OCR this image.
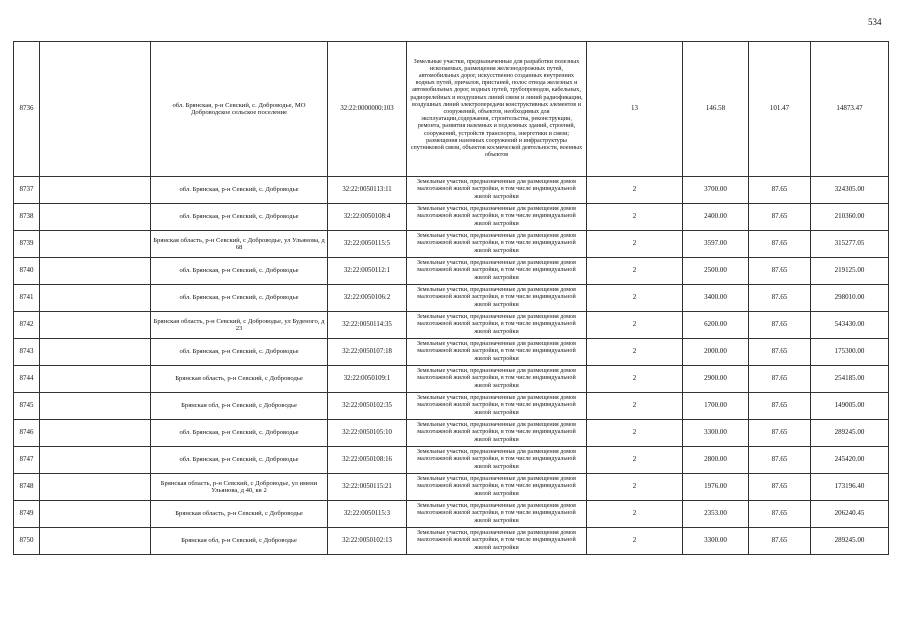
534
8736		обл. Брянская, р-н Севский, с. Доброводье, МО Доброводское сельское поселение	32:22:0000000:103	Земельные участки, предназначенные для разработки полезных ископаемых, размещения железнодорожных путей, автомобильных дорог, искусственно созданных внутренних водных путей, причалов, пристаней, полос отвода железных и автомобильных дорог, водных путей, трубопроводов, кабельных, радиорелейных и воздушных линий связи и линий радиофикации, воздушных линий электропередачи конструктивных элементов и сооружений, объектов, необходимых для эксплуатации,содержания, строительства, реконструкции, ремонта, развития наземных и подземных зданий, строений, сооружений, устройств транспорта, энергетики и связи; размещения наземных сооружений и инфраструктуры спутниковой связи, объектов космической деятельности, военных объектов	13	146.58	101.47	14873.47
8737		обл. Брянская, р-н Севский, с. Доброводье	32:22:0050113:11	Земельные участки, предназначенные для размещения домов малоэтажной жилой застройки, в том числе индивидуальной жилой застройки	2	3700.00	87.65	324305.00
8738		обл. Брянская, р-н Севский, с. Доброводье	32:22:0050108:4	Земельные участки, предназначенные для размещения домов малоэтажной жилой застройки, в том числе индивидуальной жилой застройки	2	2400.00	87.65	210360.00
8739		Брянская область, р-н Севский, с Доброводье, ул Ульянова, д 68	32:22:0050115:5	Земельные участки, предназначенные для размещения домов малоэтажной жилой застройки, в том числе индивидуальной жилой застройки	2	3597.00	87.65	315277.05
8740		обл. Брянская, р-н Севский, с. Доброводье	32:22:0050112:1	Земельные участки, предназначенные для размещения домов малоэтажной жилой застройки, в том числе индивидуальной жилой застройки	2	2500.00	87.65	219125.00
8741		обл. Брянская, р-н Севский, с. Доброводье	32:22:0050106:2	Земельные участки, предназначенные для размещения домов малоэтажной жилой застройки, в том числе индивидуальной жилой застройки	2	3400.00	87.65	298010.00
8742		Брянская область, р-н Севский, с Доброводье, ул Буденого, д 23	32:22:0050114:35	Земельные участки, предназначенные для размещения домов малоэтажной жилой застройки, в том числе индивидуальной жилой застройки	2	6200.00	87.65	543430.00
8743		обл. Брянская, р-н Севский, с. Доброводье	32:22:0050107:18	Земельные участки, предназначенные для размещения домов малоэтажной жилой застройки, в том числе индивидуальной жилой застройки	2	2000.00	87.65	175300.00
8744		Брянская область, р-н Севский, с Доброводье	32:22:0050109:1	Земельные участки, предназначенные для размещения домов малоэтажной жилой застройки, в том числе индивидуальной жилой застройки	2	2900.00	87.65	254185.00
8745		Брянская обл, р-н Севский, с Доброводье	32:22:0050102:35	Земельные участки, предназначенные для размещения домов малоэтажной жилой застройки, в том числе индивидуальной жилой застройки	2	1700.00	87.65	149005.00
8746		обл. Брянская, р-н Севский, с. Доброводье	32:22:0050105:10	Земельные участки, предназначенные для размещения домов малоэтажной жилой застройки, в том числе индивидуальной жилой застройки	2	3300.00	87.65	289245.00
8747		обл. Брянская, р-н Севский, с. Доброводье	32:22:0050108:16	Земельные участки, предназначенные для размещения домов малоэтажной жилой застройки, в том числе индивидуальной жилой застройки	2	2800.00	87.65	245420.00
8748		Брянская область, р-н Севский, с Доброводье, ул имени Ульянова, д 40, кв 2	32:22:0050115:21	Земельные участки, предназначенные для размещения домов малоэтажной жилой застройки, в том числе индивидуальной жилой застройки	2	1976.00	87.65	173196.40
8749		Брянская область, р-н Севский, с Доброводье	32:22:0050115:3	Земельные участки, предназначенные для размещения домов малоэтажной жилой застройки, в том числе индивидуальной жилой застройки	2	2353.00	87.65	206240.45
8750		Брянская обл, р-н Севский, с Доброводье	32:22:0050102:13	Земельные участки, предназначенные для размещения домов малоэтажной жилой застройки, в том числе индивидуальной жилой застройки	2	3300.00	87.65	289245.00
